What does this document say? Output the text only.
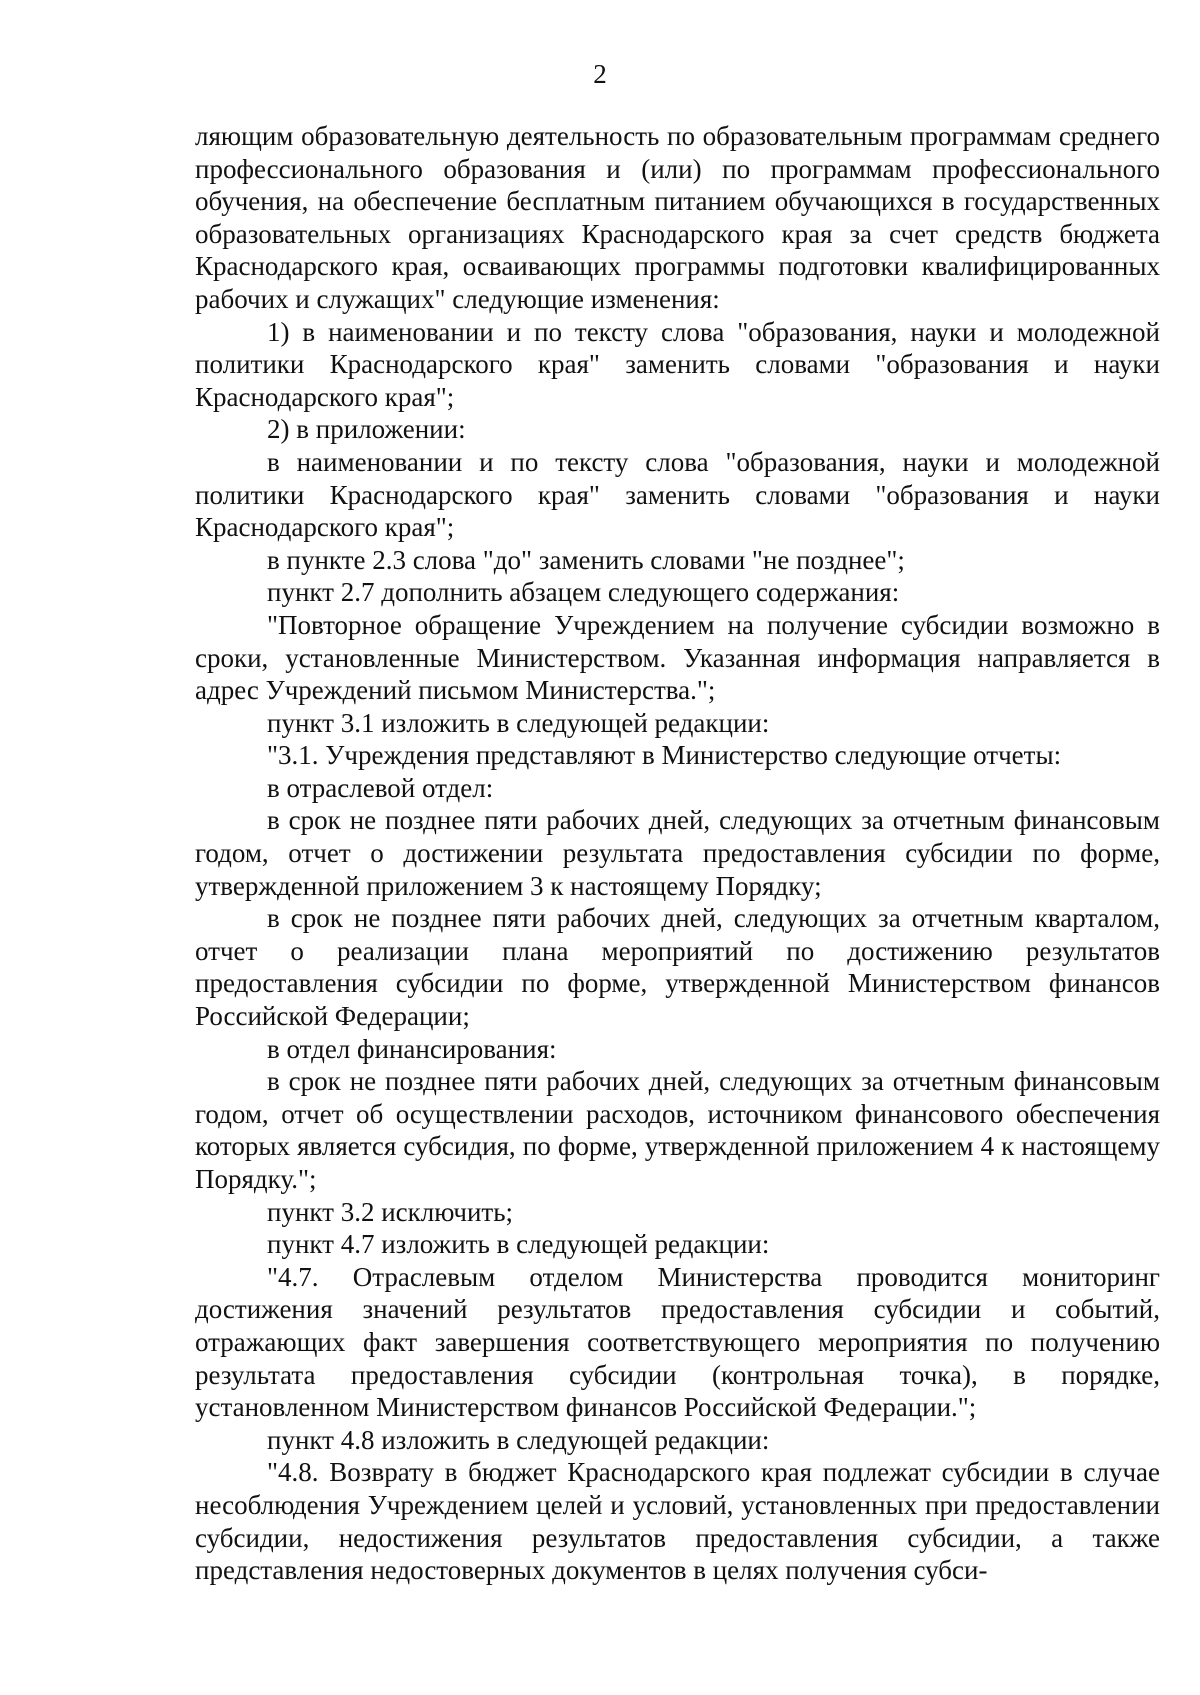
2

ляющим образовательную деятельность по образовательным программам среднего профессионального образования и (или) по программам профессионального обучения, на обеспечение бесплатным питанием обучающихся в государственных образовательных организациях Краснодарского края за счет средств бюджета Краснодарского края, осваивающих программы подготовки квалифицированных рабочих и служащих" следующие изменения:

1) в наименовании и по тексту слова "образования, науки и молодежной политики Краснодарского края" заменить словами "образования и науки Краснодарского края";

2) в приложении:

в наименовании и по тексту слова "образования, науки и молодежной политики Краснодарского края" заменить словами "образования и науки Краснодарского края";

в пункте 2.3 слова "до" заменить словами "не позднее";

пункт 2.7 дополнить абзацем следующего содержания:

"Повторное обращение Учреждением на получение субсидии возможно в сроки, установленные Министерством. Указанная информация направляется в адрес Учреждений письмом Министерства.";

пункт 3.1 изложить в следующей редакции:

"3.1. Учреждения представляют в Министерство следующие отчеты:

в отраслевой отдел:

в срок не позднее пяти рабочих дней, следующих за отчетным финансовым годом, отчет о достижении результата предоставления субсидии по форме, утвержденной приложением 3 к настоящему Порядку;

в срок не позднее пяти рабочих дней, следующих за отчетным кварталом, отчет о реализации плана мероприятий по достижению результатов предоставления субсидии по форме, утвержденной Министерством финансов Российской Федерации;

в отдел финансирования:

в срок не позднее пяти рабочих дней, следующих за отчетным финансовым годом, отчет об осуществлении расходов, источником финансового обеспечения которых является субсидия, по форме, утвержденной приложением 4 к настоящему Порядку.";

пункт 3.2 исключить;

пункт 4.7 изложить в следующей редакции:

"4.7. Отраслевым отделом Министерства проводится мониторинг достижения значений результатов предоставления субсидии и событий, отражающих факт завершения соответствующего мероприятия по получению результата предоставления субсидии (контрольная точка), в порядке, установленном Министерством финансов Российской Федерации.";

пункт 4.8 изложить в следующей редакции:

"4.8. Возврату в бюджет Краснодарского края подлежат субсидии в случае несоблюдения Учреждением целей и условий, установленных при предоставлении субсидии, недостижения результатов предоставления субсидии, а также представления недостоверных документов в целях получения субси-
